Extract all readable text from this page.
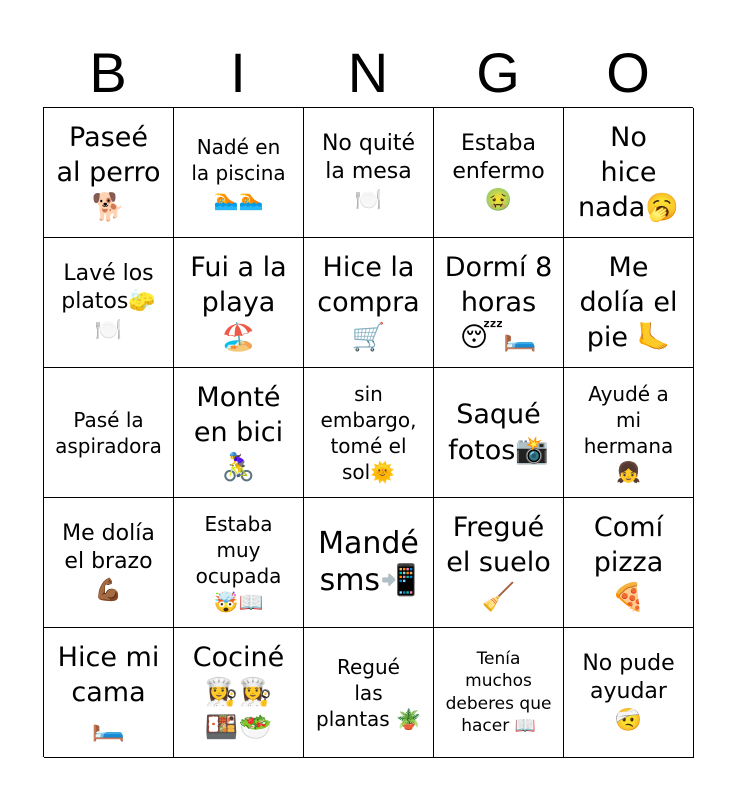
B	I	N	G	O
Paseé
al perro
🐕
Nadé en
la piscina
🏊🏊
No quité
la mesa
🍽️
Estaba
enfermo
🤢
No
hice
nada🥱
Lavé los
platos🧽
🍽️
Fui a la
playa
🏖️
Hice la
compra
🛒
Dormí 8
horas
😴🛏️
Me
dolía el
pie 🦶
Pasé la
aspiradora
Monté
en bici
🚴‍♀️
sin
embargo,
tomé el
sol🌞
Saqué
fotos📸
Ayudé a
mi
hermana
👧
Me dolía
el brazo
💪🏾
Estaba
muy
ocupada
🤯📖
Mandé
sms📲
Fregué
el suelo
🧹
Comí
pizza
🍕
Hice mi
cama
🛏️
Cociné
👩‍🍳👩‍🍳
🍱🥗
Regué
las
plantas 🪴
Tenía
muchos
deberes que
hacer 📖
No pude
ayudar
🤕
